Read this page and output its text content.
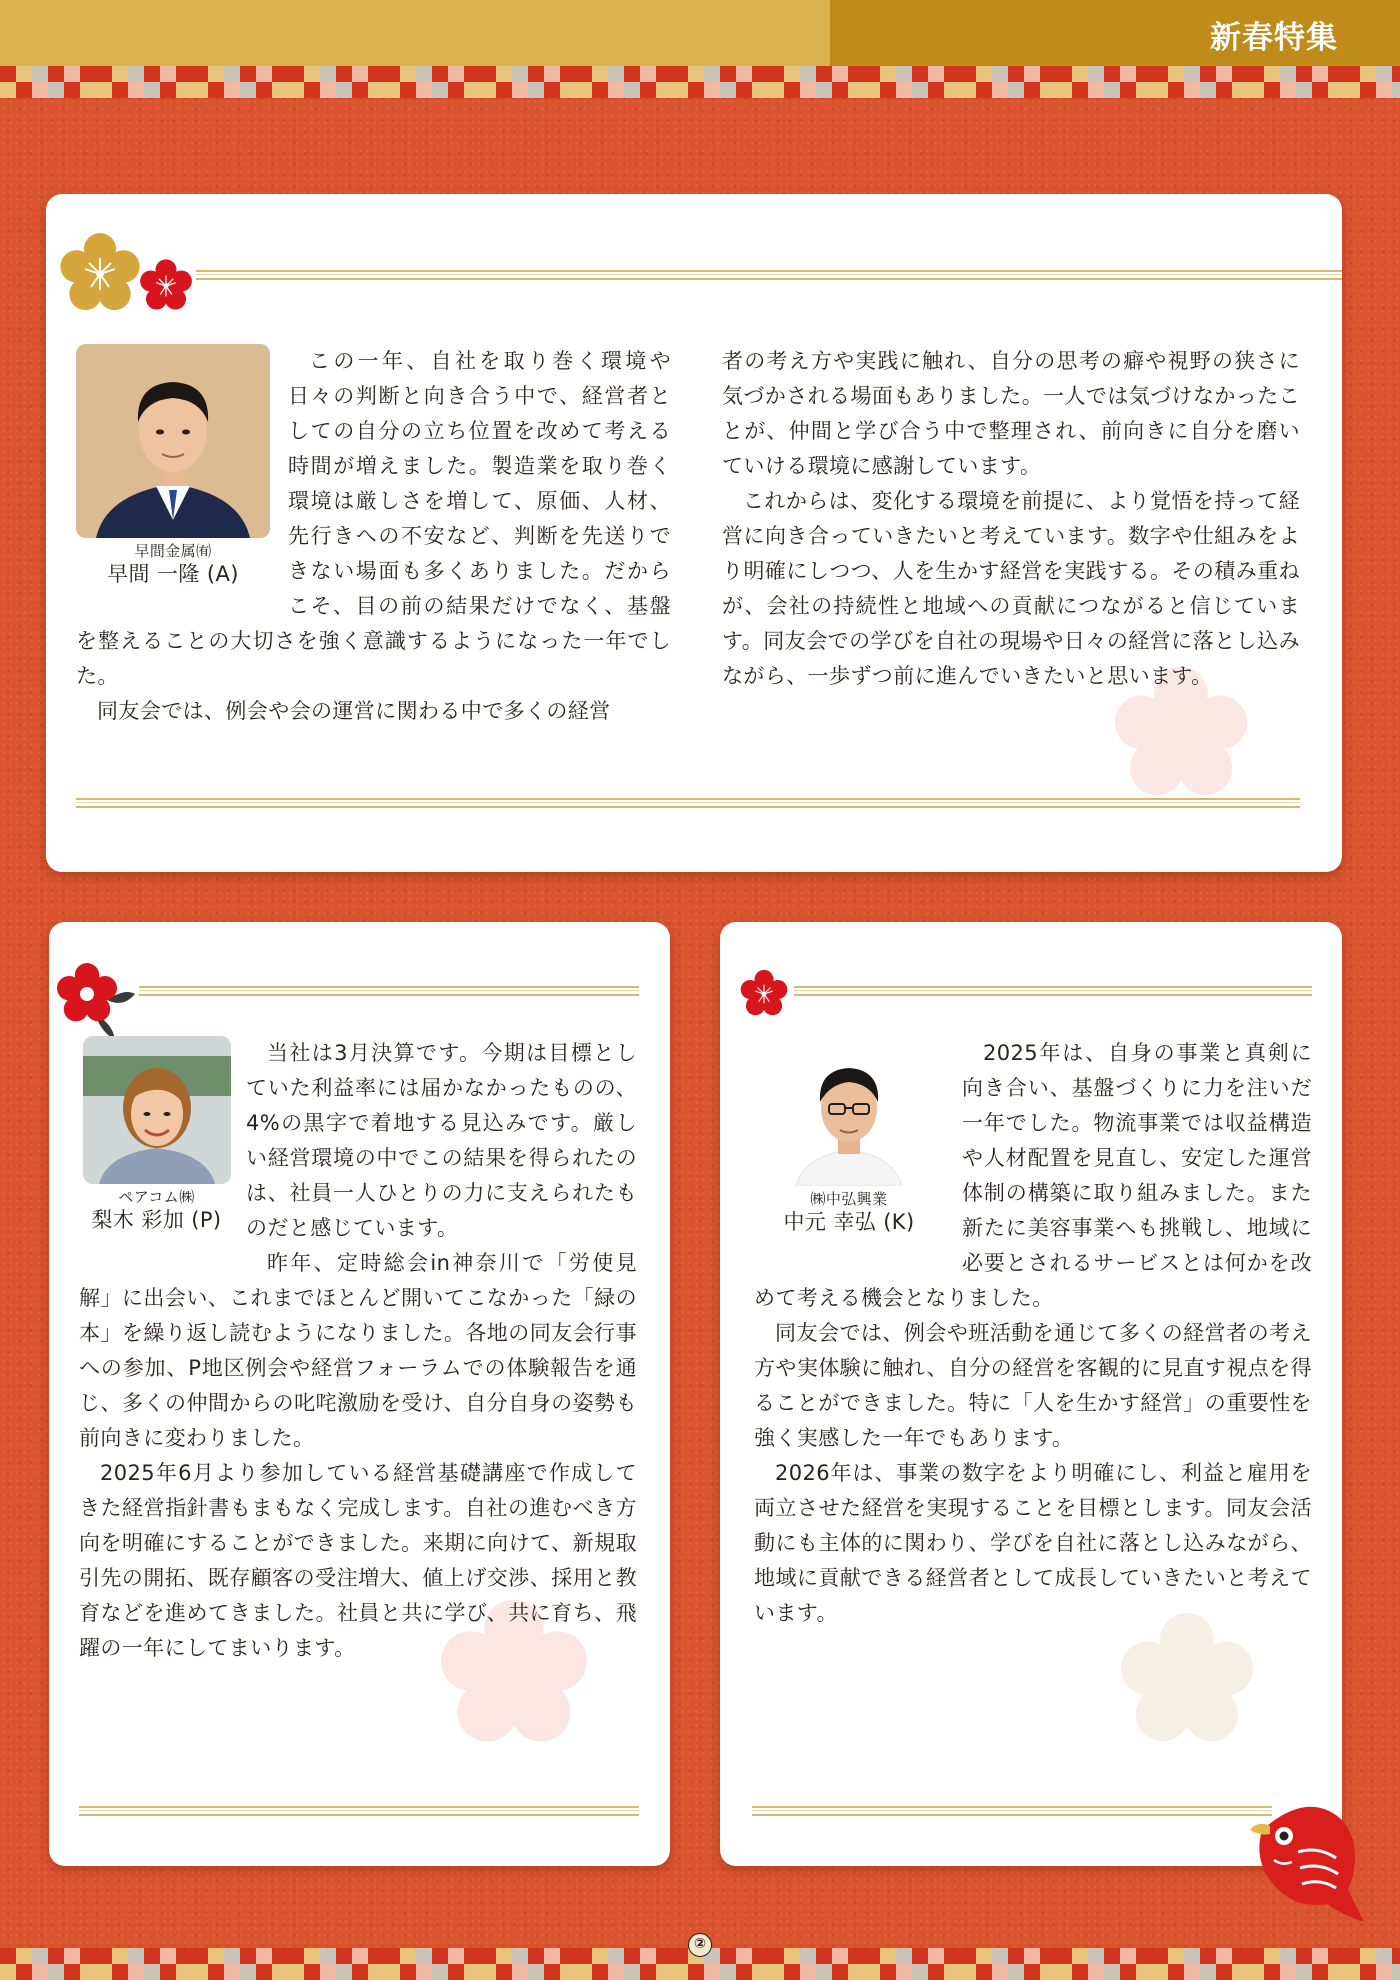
新春特集
早間金属㈲
早間 一隆 (A)

この一年、自社を取り巻く環境や日々の判断と向き合う中で、経営者としての自分の立ち位置を改めて考える時間が増えました。製造業を取り巻く環境は厳しさを増して、原価、人材、先行きへの不安など、判断を先送りできない場面も多くありました。だからこそ、目の前の結果だけでなく、基盤を整えることの大切さを強く意識するようになった一年でした。

同友会では、例会や会の運営に関わる中で多くの経営

者の考え方や実践に触れ、自分の思考の癖や視野の狭さに気づかされる場面もありました。一人では気づけなかったことが、仲間と学び合う中で整理され、前向きに自分を磨いていける環境に感謝しています。

これからは、変化する環境を前提に、より覚悟を持って経営に向き合っていきたいと考えています。数字や仕組みをより明確にしつつ、人を生かす経営を実践する。その積み重ねが、会社の持続性と地域への貢献につながると信じています。同友会での学びを自社の現場や日々の経営に落とし込みながら、一歩ずつ前に進んでいきたいと思います。

ペアコム㈱
梨木 彩加 (P)

当社は3月決算です。今期は目標としていた利益率には届かなかったものの、4%の黒字で着地する見込みです。厳しい経営環境の中でこの結果を得られたのは、社員一人ひとりの力に支えられたものだと感じています。

昨年、定時総会in神奈川で「労使見解」に出会い、これまでほとんど開いてこなかった「緑の本」を繰り返し読むようになりました。各地の同友会行事への参加、P地区例会や経営フォーラムでの体験報告を通じ、多くの仲間からの叱咤激励を受け、自分自身の姿勢も前向きに変わりました。

2025年6月より参加している経営基礎講座で作成してきた経営指針書もまもなく完成します。自社の進むべき方向を明確にすることができました。来期に向けて、新規取引先の開拓、既存顧客の受注増大、値上げ交渉、採用と教育などを進めてきました。社員と共に学び、共に育ち、飛躍の一年にしてまいります。

㈱中弘興業
中元 幸弘 (K)

2025年は、自身の事業と真剣に向き合い、基盤づくりに力を注いだ一年でした。物流事業では収益構造や人材配置を見直し、安定した運営体制の構築に取り組みました。また新たに美容事業へも挑戦し、地域に必要とされるサービスとは何かを改めて考える機会となりました。

同友会では、例会や班活動を通じて多くの経営者の考え方や実体験に触れ、自分の経営を客観的に見直す視点を得ることができました。特に「人を生かす経営」の重要性を強く実感した一年でもあります。

2026年は、事業の数字をより明確にし、利益と雇用を両立させた経営を実現することを目標とします。同友会活動にも主体的に関わり、学びを自社に落とし込みながら、地域に貢献できる経営者として成長していきたいと考えています。

②
